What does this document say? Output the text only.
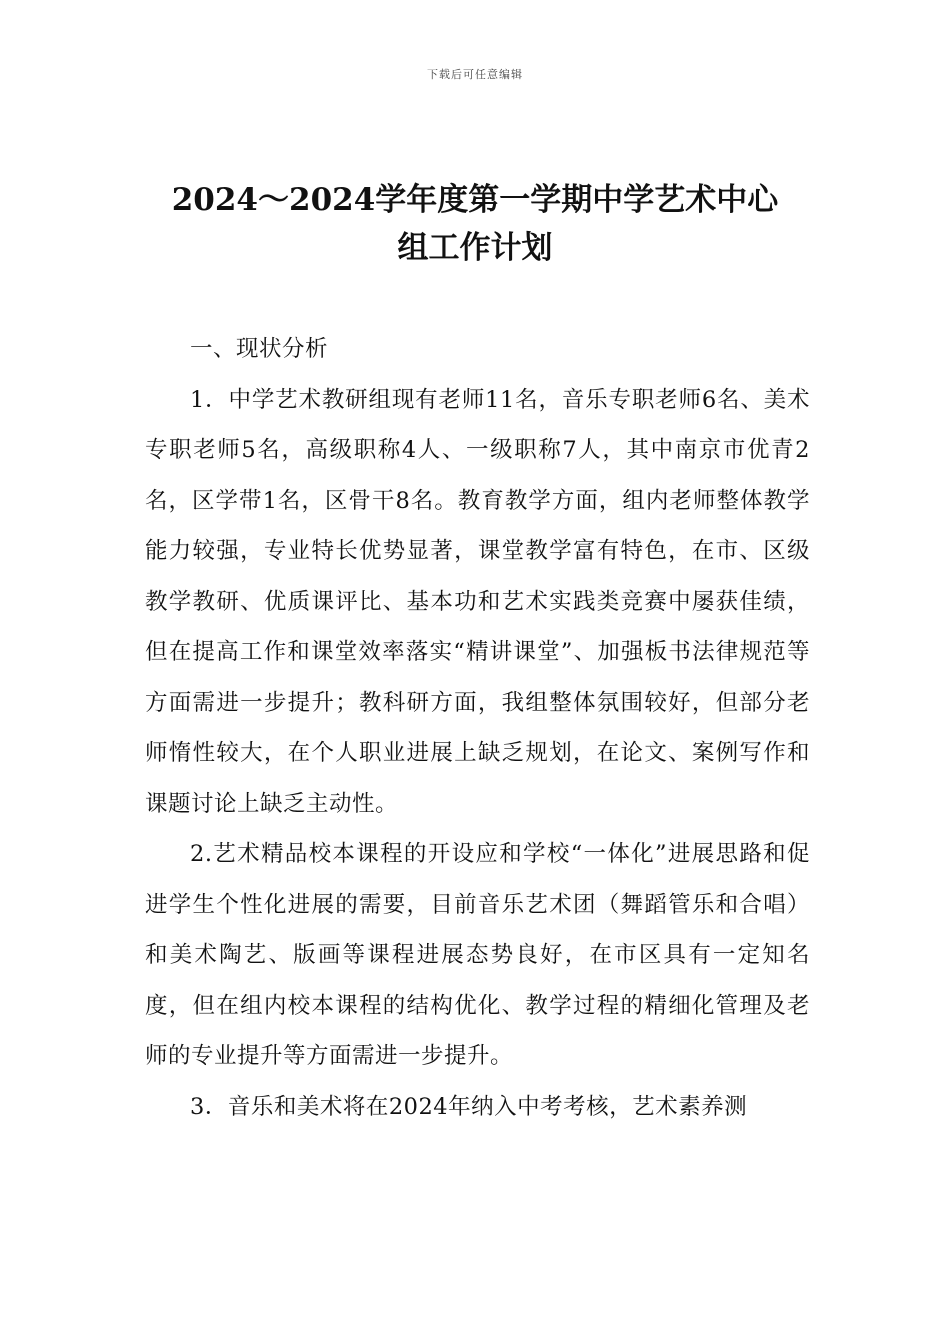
下载后可任意编辑
2024～2024学年度第一学期中学艺术中心
组工作计划

一、现状分析

1．中学艺术教研组现有老师11名，音乐专职老师6名、美术专职老师5名，高级职称4人、一级职称7人，其中南京市优青2名，区学带1名，区骨干8名。教育教学方面，组内老师整体教学能力较强，专业特长优势显著，课堂教学富有特色，在市、区级教学教研、优质课评比、基本功和艺术实践类竞赛中屡获佳绩，但在提高工作和课堂效率落实“精讲课堂”、加强板书法律规范等方面需进一步提升；教科研方面，我组整体氛围较好，但部分老师惰性较大，在个人职业进展上缺乏规划，在论文、案例写作和课题讨论上缺乏主动性。

2.艺术精品校本课程的开设应和学校“一体化”进展思路和促进学生个性化进展的需要，目前音乐艺术团（舞蹈管乐和合唱）和美术陶艺、版画等课程进展态势良好，在市区具有一定知名度，但在组内校本课程的结构优化、教学过程的精细化管理及老师的专业提升等方面需进一步提升。

3．音乐和美术将在2024年纳入中考考核，艺术素养测
